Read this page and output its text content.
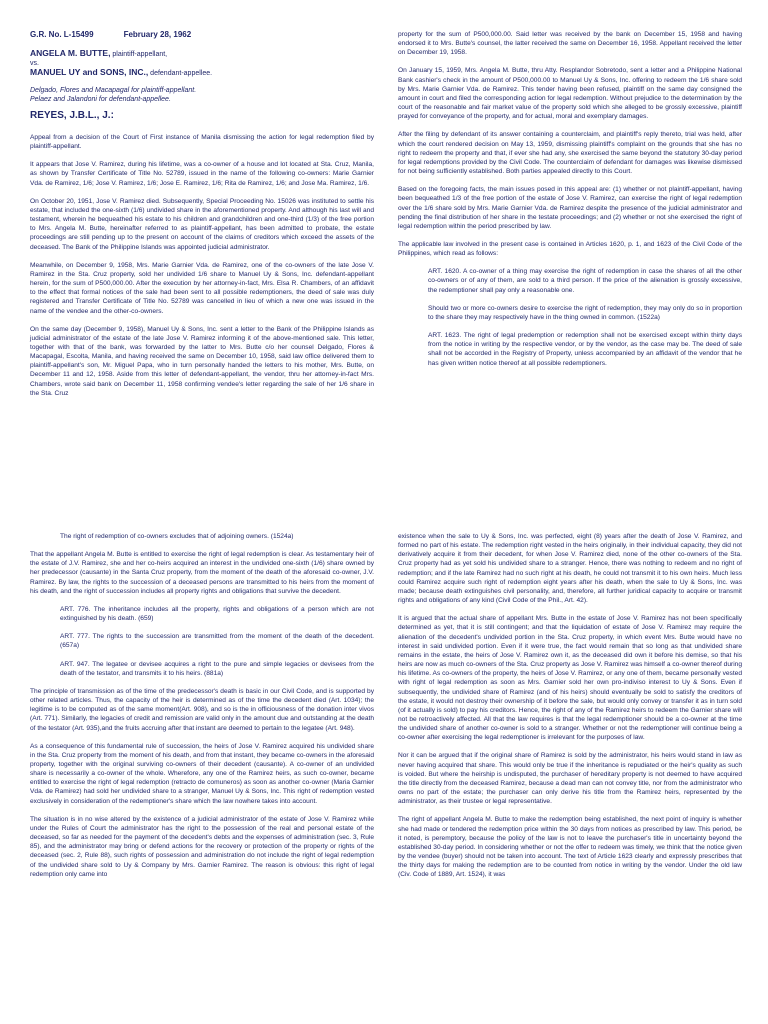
G.R. No. L-15499	February 28, 1962

ANGELA M. BUTTE, plaintiff-appellant,
vs.
MANUEL UY and SONS, INC., defendant-appellee.
Delgado, Flores and Macapagal for plaintiff-appellant.
Pelaez and Jalandoni for defendant-appellee.
REYES, J.B.L., J.:

Appeal from a decision of the Court of First instance of Manila dismissing the action for legal redemption filed by plaintiff-appellant.

It appears that Jose V. Ramirez, during his lifetime, was a co-owner of a house and lot located at Sta. Cruz, Manila, as shown by Transfer Certificate of Title No. 52789, issued in the name of the following co-owners: Marie Garnier Vda. de Ramirez, 1/6; Jose V. Ramirez, 1/6; Jose E. Ramirez, 1/6; Rita de Ramirez, 1/6; and Jose Ma. Ramirez, 1/6.

On October 20, 1951, Jose V. Ramirez died. Subsequently, Special Proceeding No. 15026 was instituted to settle his estate, that included the one-sixth (1/6) undivided share in the aforementioned property. And although his last will and testament, wherein he bequeathed his estate to his children and grandchildren and one-third (1/3) of the free portion to Mrs. Angela M. Butte, hereinafter referred to as plaintiff-appellant, has been admitted to probate, the estate proceedings are still pending up to the present on account of the claims of creditors which exceed the assets of the deceased. The Bank of the Philippine Islands was appointed judicial administrator.

Meanwhile, on December 9, 1958, Mrs. Marie Garnier Vda. de Ramirez, one of the co-owners of the late Jose V. Ramirez in the Sta. Cruz property, sold her undivided 1/6 share to Manuel Uy & Sons, Inc. defendant-appellant herein, for the sum of P500,000.00. After the execution by her attorney-in-fact, Mrs. Elsa R. Chambers, of an affidavit to the effect that formal notices of the sale had been sent to all possible redemptioners, the deed of sale was duly registered and Transfer Certificate of Title No. 52789 was cancelled in lieu of which a new one was issued in the name of the vendee and the other-co-owners.

On the same day (December 9, 1958), Manuel Uy & Sons, Inc. sent a letter to the Bank of the Philippine Islands as judicial administrator of the estate of the late Jose V. Ramirez informing it of the above-mentioned sale. This letter, together with that of the bank, was forwarded by the latter to Mrs. Butte c/o her counsel Delgado, Flores & Macapagal, Escolta, Manila, and having received the same on December 10, 1958, said law office delivered them to plaintiff-appellant's son, Mr. Miguel Papa, who in turn personally handed the letters to his mother, Mrs. Butte, on December 11 and 12, 1958. Aside from this letter of defendant-appellant, the vendor, thru her attorney-in-fact Mrs. Chambers, wrote said bank on December 11, 1958 confirming vendee's letter regarding the sale of her 1/6 share in the Sta. Cruz

property for the sum of P500,000.00. Said letter was received by the bank on December 15, 1958 and having endorsed it to Mrs. Butte's counsel, the latter received the same on December 16, 1958. Appellant received the letter on December 19, 1958.

On January 15, 1959, Mrs. Angela M. Butte, thru Atty. Resplandor Sobretodo, sent a letter and a Philippine National Bank cashier's check in the amount of P500,000.00 to Manuel Uy & Sons, Inc. offering to redeem the 1/6 share sold by Mrs. Marie Garnier Vda. de Ramirez. This tender having been refused, plaintiff on the same day consigned the amount in court and filed the corresponding action for legal redemption. Without prejudice to the determination by the court of the reasonable and fair market value of the property sold which she alleged to be grossly excessive, plaintiff prayed for conveyance of the property, and for actual, moral and exemplary damages.

After the filing by defendant of its answer containing a counterclaim, and plaintiff's reply thereto, trial was held, after which the court rendered decision on May 13, 1959, dismissing plaintiff's complaint on the grounds that she has no right to redeem the property and that, if ever she had any, she exercised the same beyond the statutory 30-day period for legal redemptions provided by the Civil Code. The counterclaim of defendant for damages was likewise dismissed for not being sufficiently established. Both parties appealed directly to this Court.

Based on the foregoing facts, the main issues posed in this appeal are: (1) whether or not plaintiff-appellant, having been bequeathed 1/3 of the free portion of the estate of Jose V. Ramirez, can exercise the right of legal redemption over the 1/6 share sold by Mrs. Marie Garnier Vda. de Ramirez despite the presence of the judicial administrator and pending the final distribution of her share in the testate proceedings; and (2) whether or not she exercised the right of legal redemption within the period prescribed by law.

The applicable law involved in the present case is contained in Articles 1620, p. 1, and 1623 of the Civil Code of the Philippines, which read as follows:

ART. 1620. A co-owner of a thing may exercise the right of redemption in case the shares of all the other co-owners or of any of them, are sold to a third person. If the price of the alienation is grossly excessive, the redemptioner shall pay only a reasonable one.

Should two or more co-owners desire to exercise the right of redemption, they may only do so in proportion to the share they may respectively have in the thing owned in common. (1522a)

ART. 1623. The right of legal predemption or redemption shall not be exercised except within thirty days from the notice in writing by the respective vendor, or by the vendor, as the case may be. The deed of sale shall not be accorded in the Registry of Property, unless accompanied by an affidavit of the vendor that he has given written notice thereof at all possible redemptioners.

The right of redemption of co-owners excludes that of adjoining owners. (1524a)

That the appellant Angela M. Butte is entitled to exercise the right of legal redemption is clear. As testamentary heir of the estate of J.V. Ramirez, she and her co-heirs acquired an interest in the undivided one-sixth (1/6) share owned by her predecessor (causante) in the Santa Cruz property, from the moment of the death of the aforesaid co-owner, J.V. Ramirez. By law, the rights to the succession of a deceased persons are transmitted to his heirs from the moment of his death, and the right of succession includes all property rights and obligations that survive the decedent.

ART. 776. The inheritance includes all the property, rights and obligations of a person which are not extinguished by his death. (659)

ART. 777. The rights to the succession are transmitted from the moment of the death of the decedent. (657a)

ART. 947. The legatee or devisee acquires a right to the pure and simple legacies or devisees from the death of the testator, and transmits it to his heirs. (881a)

The principle of transmission as of the time of the predecessor's death is basic in our Civil Code, and is supported by other related articles. Thus, the capacity of the heir is determined as of the time the decedent died (Art. 1034); the legitime is to be computed as of the same moment(Art. 908), and so is the in officiousness of the donation inter vivos (Art. 771). Similarly, the legacies of credit and remission are valid only in the amount due and outstanding at the death of the testator (Art. 935),and the fruits accruing after that instant are deemed to pertain to the legatee (Art. 948).

As a consequence of this fundamental rule of succession, the heirs of Jose V. Ramirez acquired his undivided share in the Sta. Cruz property from the moment of his death, and from that instant, they became co-owners in the aforesaid property, together with the original surviving co-owners of their decedent (causante). A co-owner of an undivided share is necessarily a co-owner of the whole. Wherefore, any one of the Ramirez heirs, as such co-owner, became entitled to exercise the right of legal redemption (retracto de comuneros) as soon as another co-owner (Maria Garnier Vda. de Ramirez) had sold her undivided share to a stranger, Manuel Uy & Sons, Inc. This right of redemption vested exclusively in consideration of the redemptioner's share which the law nowhere takes into account.

The situation is in no wise altered by the existence of a judicial administrator of the estate of Jose V. Ramirez while under the Rules of Court the administrator has the right to the possession of the real and personal estate of the deceased, so far as needed for the payment of the decedent's debts and the expenses of administration (sec. 3, Rule 85), and the administrator may bring or defend actions for the recovery or protection of the property or rights of the deceased (sec. 2, Rule 88), such rights of possession and administration do not include the right of legal redemption of the undivided share sold to Uy & Company by Mrs. Garnier Ramirez. The reason is obvious: this right of legal redemption only came into

existence when the sale to Uy & Sons, Inc. was perfected, eight (8) years after the death of Jose V. Ramirez, and formed no part of his estate. The redemption right vested in the heirs originally, in their individual capacity, they did not derivatively acquire it from their decedent, for when Jose V. Ramirez died, none of the other co-owners of the Sta. Cruz property had as yet sold his undivided share to a stranger. Hence, there was nothing to redeem and no right of redemption; and if the late Ramirez had no such right at his death, he could not transmit it to his own heirs. Much less could Ramirez acquire such right of redemption eight years after his death, when the sale to Uy & Sons, Inc. was made; because death extinguishes civil personality, and, therefore, all further juridical capacity to acquire or transmit rights and obligations of any kind (Civil Code of the Phil., Art. 42).

It is argued that the actual share of appellant Mrs. Butte in the estate of Jose V. Ramirez has not been specifically determined as yet, that it is still contingent; and that the liquidation of estate of Jose V. Ramirez may require the alienation of the decedent's undivided portion in the Sta. Cruz property, in which event Mrs. Butte would have no interest in said undivided portion. Even if it were true, the fact would remain that so long as that undivided share remains in the estate, the heirs of Jose V. Ramirez own it, as the deceased did own it before his demise, so that his heirs are now as much co-owners of the Sta. Cruz property as Jose V. Ramirez was himself a co-owner thereof during his lifetime. As co-owners of the property, the heirs of Jose V. Ramirez, or any one of them, became personally vested with right of legal redemption as soon as Mrs. Garnier sold her own pro-indiviso interest to Uy & Sons. Even if subsequently, the undivided share of Ramirez (and of his heirs) should eventually be sold to satisfy the creditors of the estate, it would not destroy their ownership of it before the sale, but would only convey or transfer it as in turn sold (of it actually is sold) to pay his creditors. Hence, the right of any of the Ramirez heirs to redeem the Garnier share will not be retroactively affected. All that the law requires is that the legal redemptioner should be a co-owner at the time the undivided share of another co-owner is sold to a stranger. Whether or not the redemptioner will continue being a co-owner after exercising the legal redemptioner is irrelevant for the purposes of law.

Nor it can be argued that if the original share of Ramirez is sold by the administrator, his heirs would stand in law as never having acquired that share. This would only be true if the inheritance is repudiated or the heir's quality as such is voided. But where the heirship is undisputed, the purchaser of hereditary property is not deemed to have acquired the title directly from the deceased Ramirez, because a dead man can not convey title, nor from the administrator who owns no part of the estate; the purchaser can only derive his title from the Ramirez heirs, represented by the administrator, as their trustee or legal representative.

The right of appellant Angela M. Butte to make the redemption being established, the next point of inquiry is whether she had made or tendered the redemption price within the 30 days from notices as prescribed by law. This period, be it noted, is peremptory, because the policy of the law is not to leave the purchaser's title in uncertainty beyond the established 30-day period. In considering whether or not the offer to redeem was timely, we think that the notice given by the vendee (buyer) should not be taken into account. The text of Article 1623 clearly and expressly prescribes that the thirty days for making the redemption are to be counted from notice in writing by the vendor. Under the old law (Civ. Code of 1889, Art. 1524), it was
